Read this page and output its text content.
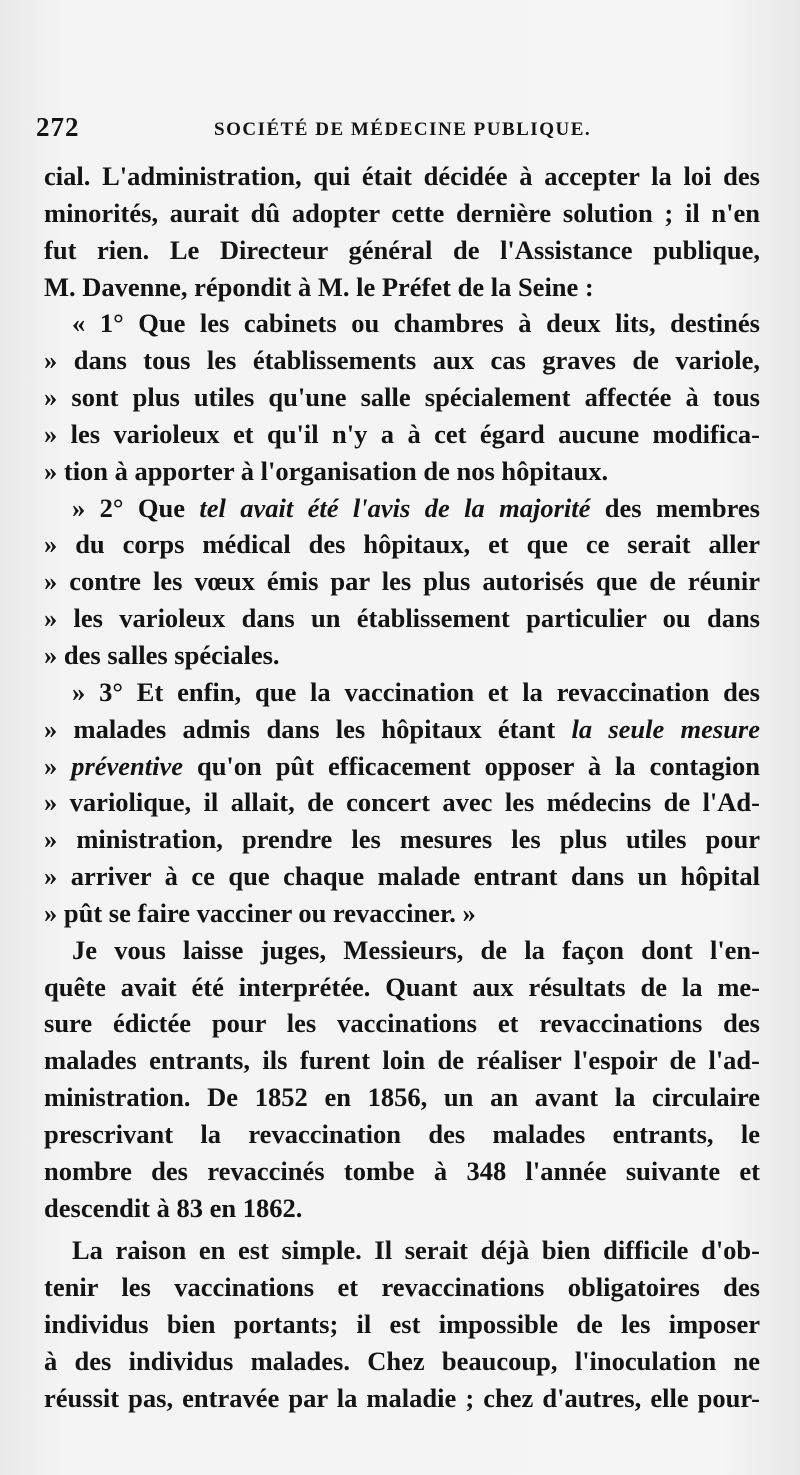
272	SOCIÉTÉ DE MÉDECINE PUBLIQUE.
cial. L'administration, qui était décidée à accepter la loi des
minorités, aurait dû adopter cette dernière solution ; il n'en
fut rien. Le Directeur général de l'Assistance publique,
M. Davenne, répondit à M. le Préfet de la Seine :
« 1° Que les cabinets ou chambres à deux lits, destinés
» dans tous les établissements aux cas graves de variole,
» sont plus utiles qu'une salle spécialement affectée à tous
» les varioleux et qu'il n'y a à cet égard aucune modifica-
» tion à apporter à l'organisation de nos hôpitaux.
» 2° Que tel avait été l'avis de la majorité des membres
» du corps médical des hôpitaux, et que ce serait aller
» contre les vœux émis par les plus autorisés que de réunir
» les varioleux dans un établissement particulier ou dans
» des salles spéciales.
» 3° Et enfin, que la vaccination et la revaccination des
» malades admis dans les hôpitaux étant la seule mesure
» préventive qu'on pût efficacement opposer à la contagion
» variolique, il allait, de concert avec les médecins de l'Ad-
» ministration, prendre les mesures les plus utiles pour
» arriver à ce que chaque malade entrant dans un hôpital
» pût se faire vacciner ou revacciner. »
Je vous laisse juges, Messieurs, de la façon dont l'en-
quête avait été interprétée. Quant aux résultats de la me-
sure édictée pour les vaccinations et revaccinations des
malades entrants, ils furent loin de réaliser l'espoir de l'ad-
ministration. De 1852 en 1856, un an avant la circulaire
prescrivant la revaccination des malades entrants, le
nombre des revaccinés tombe à 348 l'année suivante et
descendit à 83 en 1862.
La raison en est simple. Il serait déjà bien difficile d'ob-
tenir les vaccinations et revaccinations obligatoires des
individus bien portants; il est impossible de les imposer
à des individus malades. Chez beaucoup, l'inoculation ne
réussit pas, entravée par la maladie ; chez d'autres, elle pour-
